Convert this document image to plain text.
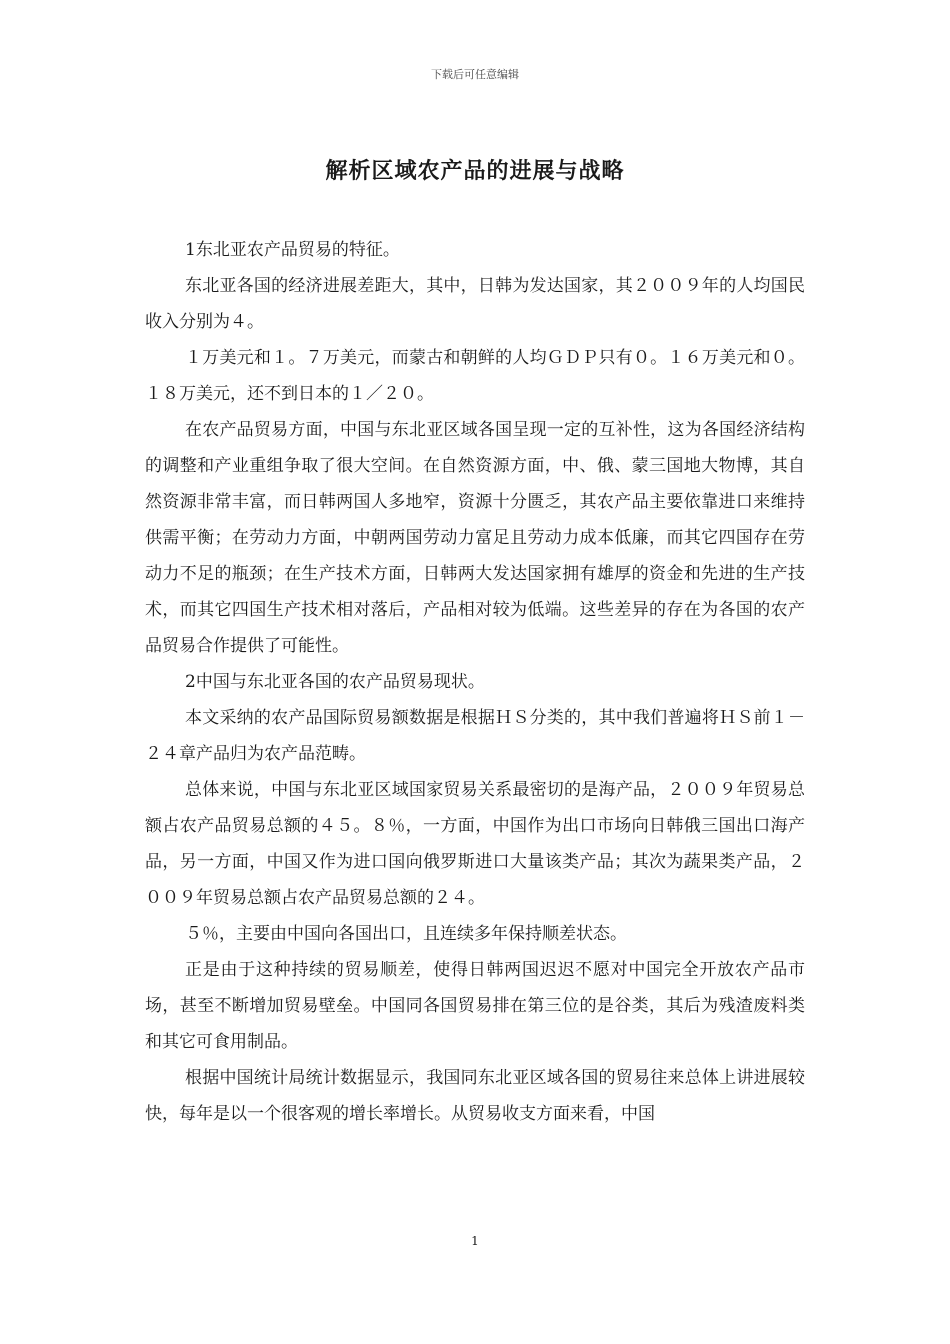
下载后可任意编辑
解析区域农产品的进展与战略

1东北亚农产品贸易的特征。

东北亚各国的经济进展差距大，其中，日韩为发达国家，其２００９年的人均国民收入分别为４。

１万美元和１。７万美元，而蒙古和朝鲜的人均ＧＤＰ只有０。１６万美元和０。１８万美元，还不到日本的１／２０。

在农产品贸易方面，中国与东北亚区域各国呈现一定的互补性，这为各国经济结构的调整和产业重组争取了很大空间。在自然资源方面，中、俄、蒙三国地大物博，其自然资源非常丰富，而日韩两国人多地窄，资源十分匮乏，其农产品主要依靠进口来维持供需平衡；在劳动力方面，中朝两国劳动力富足且劳动力成本低廉，而其它四国存在劳动力不足的瓶颈；在生产技术方面，日韩两大发达国家拥有雄厚的资金和先进的生产技术，而其它四国生产技术相对落后，产品相对较为低端。这些差异的存在为各国的农产品贸易合作提供了可能性。

2中国与东北亚各国的农产品贸易现状。

本文采纳的农产品国际贸易额数据是根据ＨＳ分类的，其中我们普遍将ＨＳ前１－２４章产品归为农产品范畴。

总体来说，中国与东北亚区域国家贸易关系最密切的是海产品，２００９年贸易总额占农产品贸易总额的４５。８％，一方面，中国作为出口市场向日韩俄三国出口海产品，另一方面，中国又作为进口国向俄罗斯进口大量该类产品；其次为蔬果类产品，２００９年贸易总额占农产品贸易总额的２４。

５％，主要由中国向各国出口，且连续多年保持顺差状态。

正是由于这种持续的贸易顺差，使得日韩两国迟迟不愿对中国完全开放农产品市场，甚至不断增加贸易壁垒。中国同各国贸易排在第三位的是谷类，其后为残渣废料类和其它可食用制品。

根据中国统计局统计数据显示，我国同东北亚区域各国的贸易往来总体上讲进展较快，每年是以一个很客观的增长率增长。从贸易收支方面来看，中国

1
